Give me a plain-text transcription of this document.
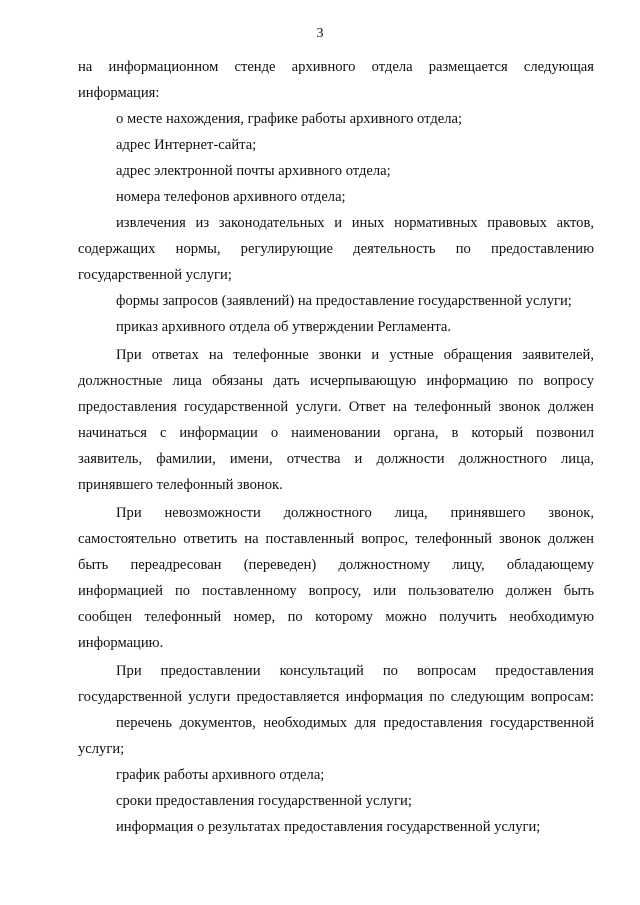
3
на информационном стенде архивного отдела размещается следующая
информация:
о месте нахождения, графике работы архивного отдела;
адрес Интернет-сайта;
адрес электронной почты архивного отдела;
номера телефонов архивного отдела;
извлечения из законодательных и иных нормативных правовых актов,
содержащих нормы, регулирующие деятельность по предоставлению
государственной услуги;
формы запросов (заявлений) на предоставление государственной услуги;
приказ архивного отдела об утверждении Регламента.
При ответах на телефонные звонки и устные обращения заявителей,
должностные лица обязаны дать исчерпывающую информацию по вопросу
предоставления государственной услуги. Ответ на телефонный звонок должен
начинаться с информации о наименовании органа, в который позвонил
заявитель, фамилии, имени, отчества и должности должностного лица,
принявшего телефонный звонок.
При невозможности должностного лица, принявшего звонок,
самостоятельно ответить на поставленный вопрос, телефонный звонок должен
быть переадресован (переведен) должностному лицу, обладающему
информацией по поставленному вопросу, или пользователю должен быть
сообщен телефонный номер, по которому можно получить необходимую
информацию.
При предоставлении консультаций по вопросам предоставления
государственной услуги предоставляется информация по следующим вопросам:
перечень документов, необходимых для предоставления государственной
услуги;
график работы архивного отдела;
сроки предоставления государственной услуги;
информация о результатах предоставления государственной услуги;
